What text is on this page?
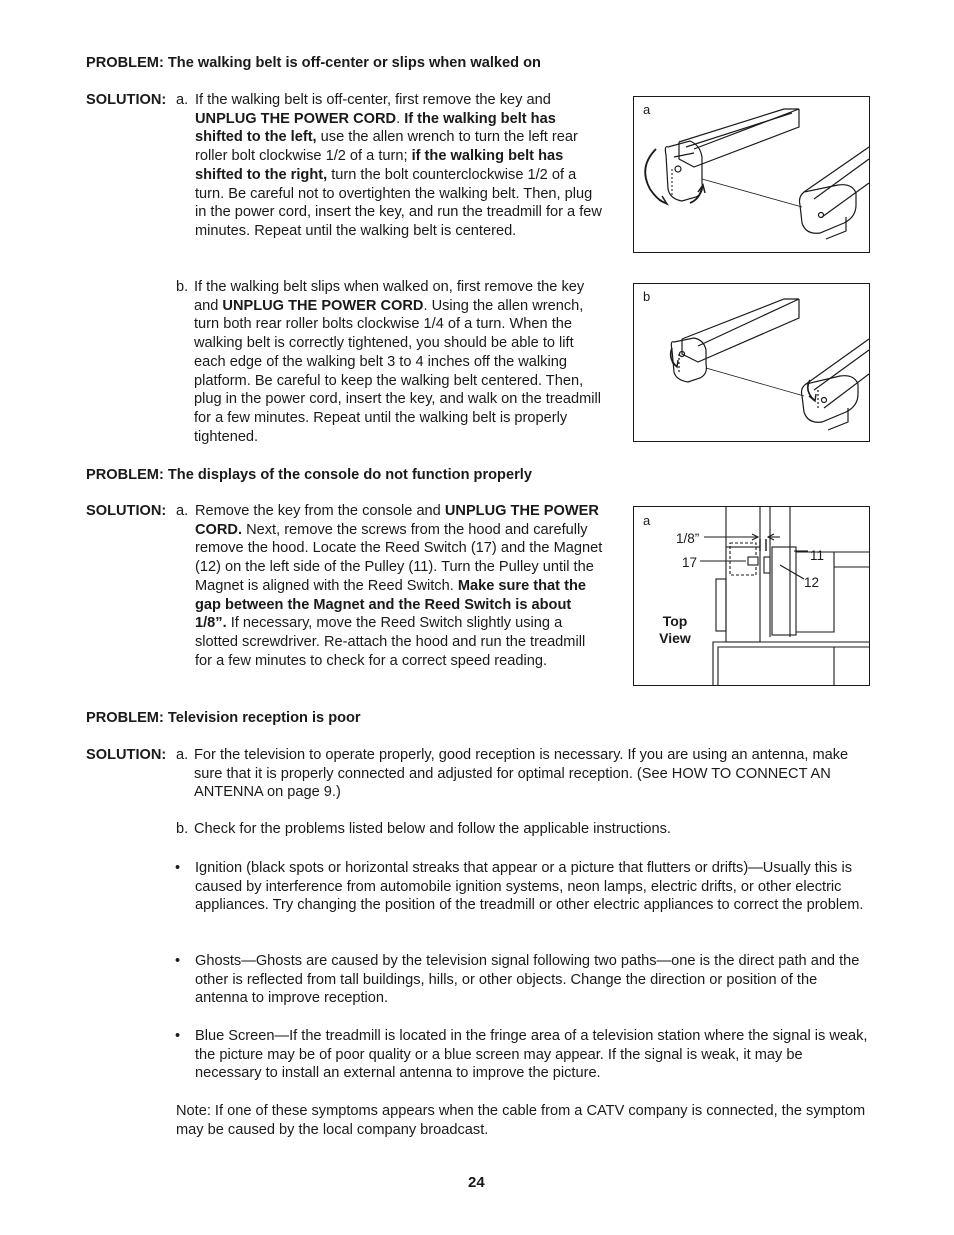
PROBLEM: The walking belt is off-center or slips when walked on
SOLUTION: a. If the walking belt is off-center, first remove the key and UNPLUG THE POWER CORD. If the walking belt has shifted to the left, use the allen wrench to turn the left rear roller bolt clockwise 1/2 of a turn; if the walking belt has shifted to the right, turn the bolt counterclockwise 1/2 of a turn. Be careful not to overtighten the walking belt. Then, plug in the power cord, insert the key, and run the treadmill for a few minutes. Repeat until the walking belt is centered.

b. If the walking belt slips when walked on, first remove the key and UNPLUG THE POWER CORD. Using the allen wrench, turn both rear roller bolts clockwise 1/4 of a turn. When the walking belt is correctly tightened, you should be able to lift each edge of the walking belt 3 to 4 inches off the walking platform. Be careful to keep the walking belt centered. Then, plug in the power cord, insert the key, and walk on the treadmill for a few minutes. Repeat until the walking belt is properly tightened.

a
b
PROBLEM: The displays of the console do not function properly
SOLUTION: a. Remove the key from the console and UNPLUG THE POWER CORD. Next, remove the screws from the hood and carefully remove the hood. Locate the Reed Switch (17) and the Magnet (12) on the left side of the Pulley (11). Turn the Pulley until the Magnet is aligned with the Reed Switch. Make sure that the gap between the Magnet and the Reed Switch is about 1/8”. If necessary, move the Reed Switch slightly using a slotted screwdriver. Re-attach the hood and run the treadmill for a few minutes to check for a correct speed reading.

a
1/8”
17	11
12
Top
View
PROBLEM: Television reception is poor
SOLUTION: a. For the television to operate properly, good reception is necessary. If you are using an antenna, make sure that it is properly connected and adjusted for optimal reception. (See HOW TO CONNECT AN ANTENNA on page 9.)
b. Check for the problems listed below and follow the applicable instructions.
• Ignition (black spots or horizontal streaks that appear or a picture that flutters or drifts)—Usually this is caused by interference from automobile ignition systems, neon lamps, electric drifts, or other electric appliances. Try changing the position of the treadmill or other electric appliances to correct the problem.
• Ghosts—Ghosts are caused by the television signal following two paths—one is the direct path and the other is reflected from tall buildings, hills, or other objects. Change the direction or position of the antenna to improve reception.
• Blue Screen—If the treadmill is located in the fringe area of a television station where the signal is weak, the picture may be of poor quality or a blue screen may appear. If the signal is weak, it may be necessary to install an external antenna to improve the picture.
Note: If one of these symptoms appears when the cable from a CATV company is connected, the symptom may be caused by the local company broadcast.
24
